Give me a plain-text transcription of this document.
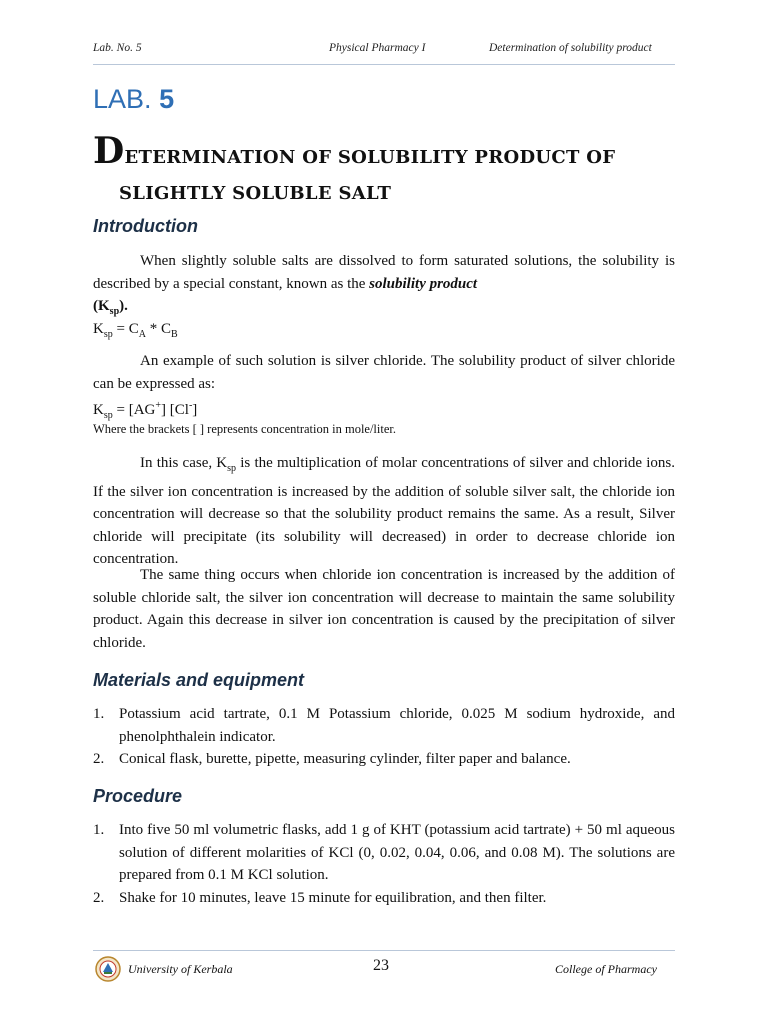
Lab. No. 5	Physical Pharmacy I	Determination of solubility product
LAB. 5
DETERMINATION OF SOLUBILITY PRODUCT OF
SLIGHTLY SOLUBLE SALT
Introduction
When slightly soluble salts are dissolved to form saturated solutions, the solubility is described by a special constant, known as the solubility product
$(K_{sp})$.
$K_{sp} = C_A * C_B$
An example of such solution is silver chloride. The solubility product of silver chloride can be expressed as:
$K_{sp} = [AG^+]$ [Cl-]
Where the brackets [ ] represents concentration in mole/liter.
In this case, $K_{sp}$ is the multiplication of molar concentrations of silver and chloride ions. If the silver ion concentration is increased by the addition of soluble silver salt, the chloride ion concentration will decrease so that the solubility product remains the same. As a result, Silver chloride will precipitate (its solubility will decreased) in order to decrease chloride ion concentration.
The same thing occurs when chloride ion concentration is increased by the addition of soluble chloride salt, the silver ion concentration will decrease to maintain the same solubility product. Again this decrease in silver ion concentration is caused by the precipitation of silver chloride.
Materials and equipment
1. Potassium acid tartrate, 0.1 M Potassium chloride, 0.025 M sodium hydroxide, and phenolphthalein indicator.
2. Conical flask, burette, pipette, measuring cylinder, filter paper and balance.
Procedure
1. Into five 50 ml volumetric flasks, add 1 g of KHT (potassium acid tartrate) + 50 ml aqueous solution of different molarities of KCl (0, 0.02, 0.04, 0.06, and 0.08 M). The solutions are prepared from 0.1 M KCl solution.
2. Shake for 10 minutes, leave 15 minute for equilibration, and then filter.
University of Kerbala	23	College of Pharmacy
